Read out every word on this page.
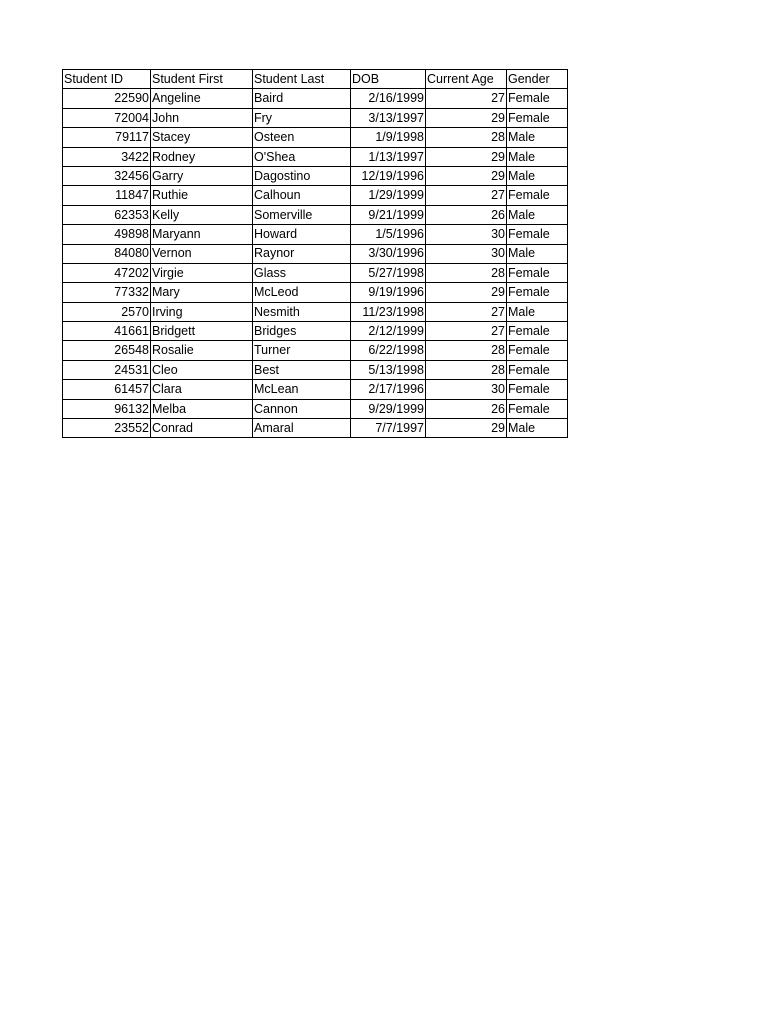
Student ID	Student First	Student Last	DOB	Current Age	Gender
22590	Angeline	Baird	2/16/1999	27	Female
72004	John	Fry	3/13/1997	29	Female
79117	Stacey	Osteen	1/9/1998	28	Male
3422	Rodney	O'Shea	1/13/1997	29	Male
32456	Garry	Dagostino	12/19/1996	29	Male
11847	Ruthie	Calhoun	1/29/1999	27	Female
62353	Kelly	Somerville	9/21/1999	26	Male
49898	Maryann	Howard	1/5/1996	30	Female
84080	Vernon	Raynor	3/30/1996	30	Male
47202	Virgie	Glass	5/27/1998	28	Female
77332	Mary	McLeod	9/19/1996	29	Female
2570	Irving	Nesmith	11/23/1998	27	Male
41661	Bridgett	Bridges	2/12/1999	27	Female
26548	Rosalie	Turner	6/22/1998	28	Female
24531	Cleo	Best	5/13/1998	28	Female
61457	Clara	McLean	2/17/1996	30	Female
96132	Melba	Cannon	9/29/1999	26	Female
23552	Conrad	Amaral	7/7/1997	29	Male
